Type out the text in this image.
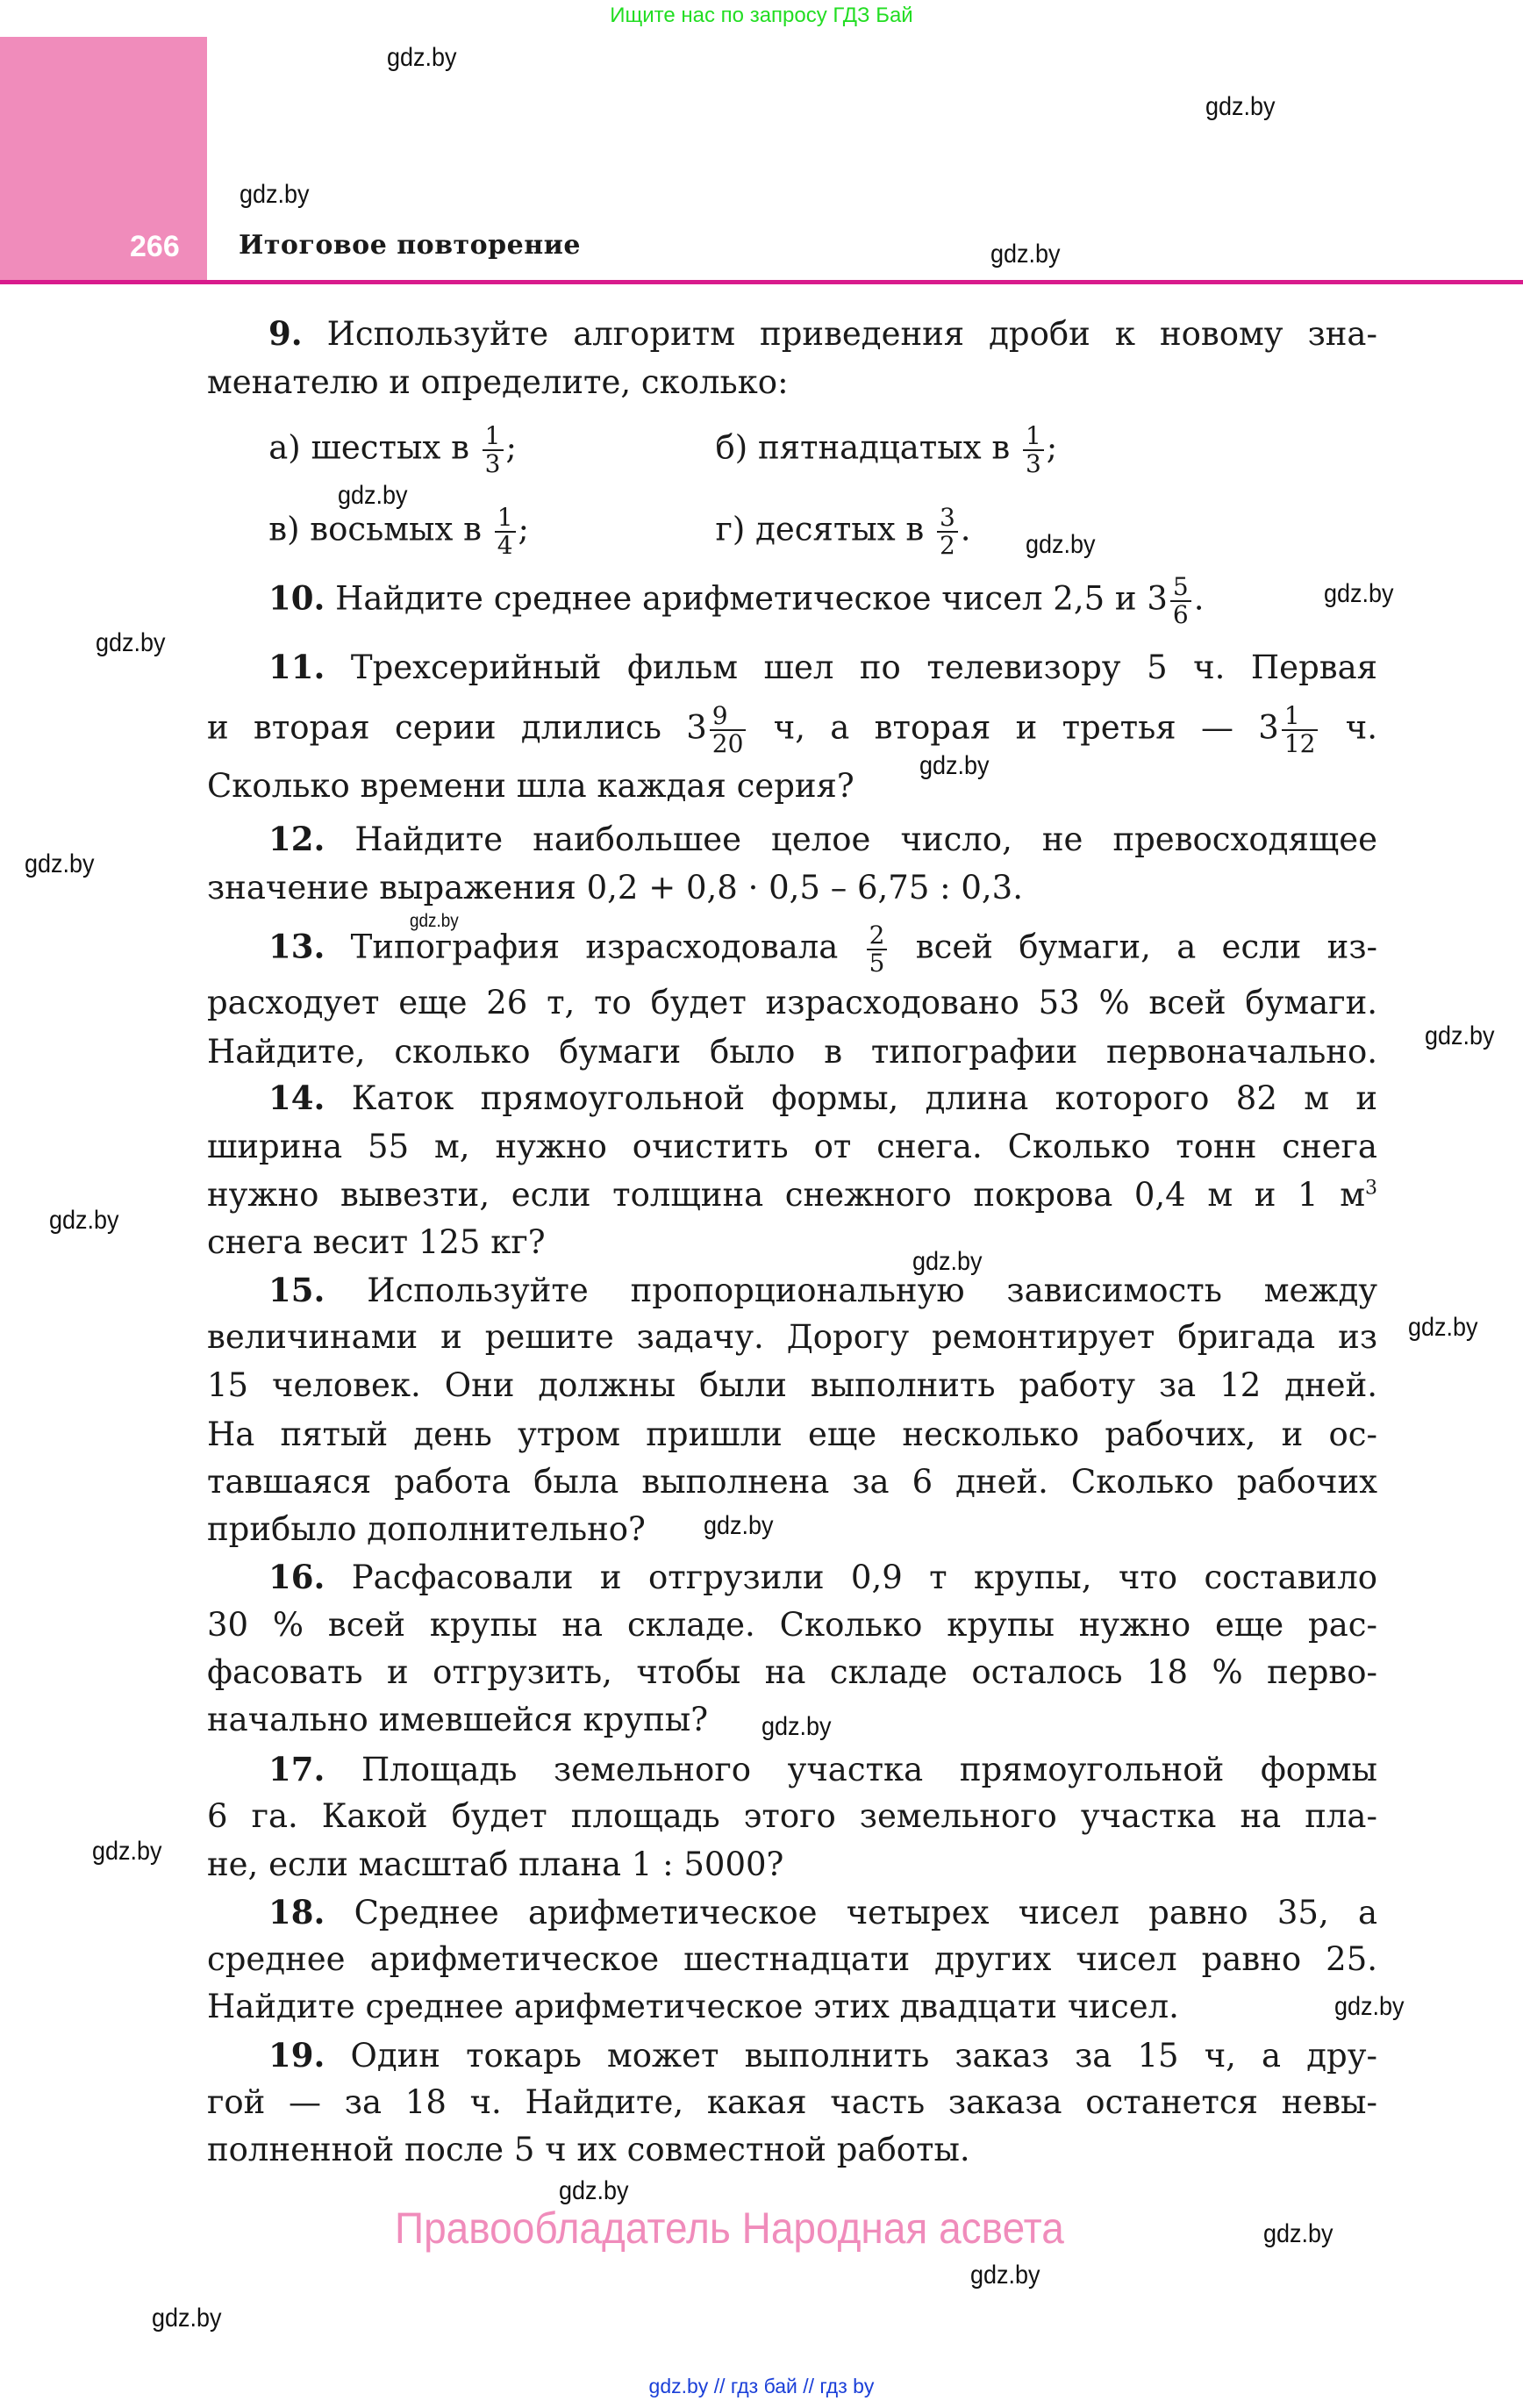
Ищите нас по запросу ГДЗ Бай
266 Итоговое повторение
9. Используйте алгоритм приведения дроби к новому зна-
менателю и определите, сколько:
а) шестых в $\frac{1}{3}$ ;	б) пятнадцатых в $\frac{1}{3}$ ;
в) восьмых в $\frac{1}{4}$ ;	г) десятых в $\frac{3}{2}$ .
10. Найдите среднее арифметическое чисел 2,5 и $3 \frac{5}{6}$ .
11. Трехсерийный фильм шел по телевизору 5 ч. Первая
и вторая серии длились $3 \frac{9}{20} ч$, а вторая и третья — $3 \frac{1}{12} ч$.
Сколько времени шла каждая серия?
12. Найдите наибольшее целое число, не превосходящее
значение выражения 0,2 + 0,8 · 0,5 – 6,75 : 0,3.
13. Типография израсходовала $\frac{2}{5}$ всей бумаги, а если из-
расходует еще 26 т, то будет израсходовано 53 % всей бумаги.
Найдите, сколько бумаги было в типографии первоначально.
14. Каток прямоугольной формы, длина которого 82 м и
ширина 55 м, нужно очистить от снега. Сколько тонн снега
нужно вывезти, если толщина снежного покрова 0,4 м и 1 $м^3$
снега весит 125 кг?
15. Используйте пропорциональную зависимость между
величинами и решите задачу. Дорогу ремонтирует бригада из
15 человек. Они должны были выполнить работу за 12 дней.
На пятый день утром пришли еще несколько рабочих, и ос-
тавшаяся работа была выполнена за 6 дней. Сколько рабочих
прибыло дополнительно?
16. Расфасовали и отгрузили 0,9 т крупы, что составило
30 % всей крупы на складе. Сколько крупы нужно еще рас-
фасовать и отгрузить, чтобы на складе осталось 18 % перво-
начально имевшейся крупы?
17. Площадь земельного участка прямоугольной формы
6 га. Какой будет площадь этого земельного участка на пла-
не, если масштаб плана 1 : 5000?
18. Среднее арифметическое четырех чисел равно 35, а
среднее арифметическое шестнадцати других чисел равно 25.
Найдите среднее арифметическое этих двадцати чисел.
19. Один токарь может выполнить заказ за 15 ч, а дру-
гой — за 18 ч. Найдите, какая часть заказа останется невы-
полненной после 5 ч их совместной работы.
gdz.by
gdz.by
gdz.by
gdz.by
gdz.by
gdz.by
gdz.by
gdz.by
gdz.by
gdz.by
gdz.by
gdz.by
gdz.by
gdz.by
gdz.by
gdz.by
gdz.by
gdz.by
gdz.by
gdz.by
gdz.by
gdz.by
gdz.by
Правообладатель Народная асвета
gdz.by // гдз бай // гдз by
